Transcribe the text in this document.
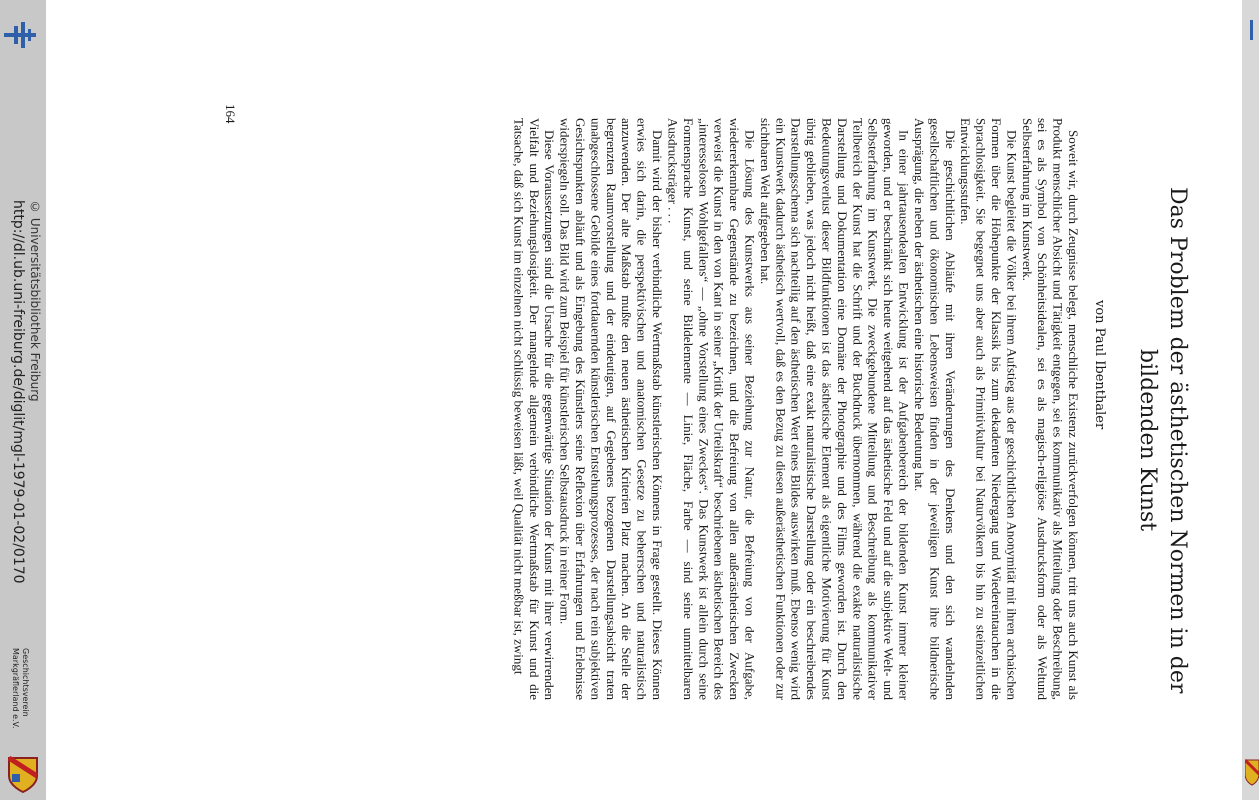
http://dl.ub.uni-freiburg.de/diglit/mgl-1979-01-02/0170 © Universitätsbibliothek Freiburg
Geschichtsverein
Markgräflerland e.V.	Das Problem der ästhetischen Normen in der bildenden Kunst
von Paul Ibenthaler

Soweit wir, durch Zeugnisse belegt, menschliche Existenz zurückverfolgen können, tritt uns auch Kunst als Produkt menschlicher Absicht und Tätigkeit entgegen, sei es kommunikativ als Mitteilung oder Beschreibung, sei es als Symbol von Schönheitsidealen, sei es als magisch-religiöse Ausdrucksform oder als Weltund Selbsterfahrung im Kunstwerk.

Die Kunst begleitet die Völker bei ihrem Aufstieg aus der geschichtlichen Anonymität mit ihren archaischen Formen über die Höhepunkte der Klassik bis zum dekadenten Niedergang und Wiedereintauchen in die Sprachlosigkeit. Sie begegnet uns aber auch als Primitivkultur bei Naturvölkern bis hin zu steinzeitlichen Entwicklungsstufen.

Die geschichtlichen Abläufe mit ihren Veränderungen des Denkens und den sich wandelnden gesellschaftlichen und ökonomischen Lebensweisen finden in der jeweiligen Kunst ihre bildnerische Ausprägung, die neben der ästhetischen eine historische Bedeutung hat.

In einer jahrtausendealten Entwicklung ist der Aufgabenbereich der bildenden Kunst immer kleiner geworden, und er beschränkt sich heute weitgehend auf das ästhetische Feld und auf die subjektive Welt- und Selbsterfahrung im Kunstwerk. Die zweckgebundene Mitteilung und Beschreibung als kommunikativer Teilbereich der Kunst hat die Schrift und der Buchdruck übernommen, während die exakte naturalistische Darstellung und Dokumentation eine Domäne der Photographie und des Films geworden ist. Durch den Bedeutungsverlust dieser Bildfunktionen ist das ästhetische Element als eigentliche Motivierung für Kunst übrig geblieben, was jedoch nicht heißt, daß eine exakt naturalistische Darstellung oder ein beschreibendes Darstellungsschema sich nachteilig auf den ästhetischen Wert eines Bildes auswirken muß. Ebenso wenig wird ein Kunstwerk dadurch ästhetisch wertvoll, daß es den Bezug zu diesen außerästhetischen Funktionen oder zur sichtbaren Welt aufgegeben hat.

Die Lösung des Kunstwerks aus seiner Beziehung zur Natur, die Befreiung von der Aufgabe, wiedererkennbare Gegenstände zu bezeichnen, und die Befreiung von allen außerästhetischen Zwecken verweist die Kunst in den von Kant in seiner „Kritik der Urteilskraft“ beschriebenen ästhetischen Bereich des „interesselosen Wohlgefallens“ — „ohne Vorstellung eines Zweckes“. Das Kunstwerk ist allein durch seine Formensprache Kunst, und seine Bildelemente — Linie, Fläche, Farbe — sind seine unmittelbaren Ausdrucksträger . . .

Damit wird der bisher verbindliche Wertmaßstab künstlerischen Könnens in Frage gestellt. Dieses Können erwies sich darin, die perspektivischen und anatomischen Gesetze zu beherrschen und naturalistisch anzuwenden. Der alte Maßstab mußte den neuen ästhetischen Kriterien Platz machen. An die Stelle der begrenzten Raumvorstellung und der eindeutigen, auf Gegebenes bezogenen Darstellungsabsicht traten unabgeschlossene Gebilde eines fortdauernden künstlerischen Entstehungsprozesses, der nach rein subjektiven Gesichtspunkten abläuft und als Eingebung des Künstlers seine Reflexion über Erfahrungen und Erlebnisse widerspiegeln soll. Das Bild wird zum Beispiel für künstlerischen Selbstausdruck in reiner Form.

Diese Voraussetzungen sind die Ursache für die gegenwärtige Situation der Kunst mit ihrer verwirrenden Vielfalt und Beziehungslosigkeit. Der mangelnde allgemein verbindliche Wertmaßstab für Kunst und die Tatsache, daß sich Kunst im einzelnen nicht schlüssig beweisen läßt, weil Qualität nicht meßbar ist, zwingt

164
